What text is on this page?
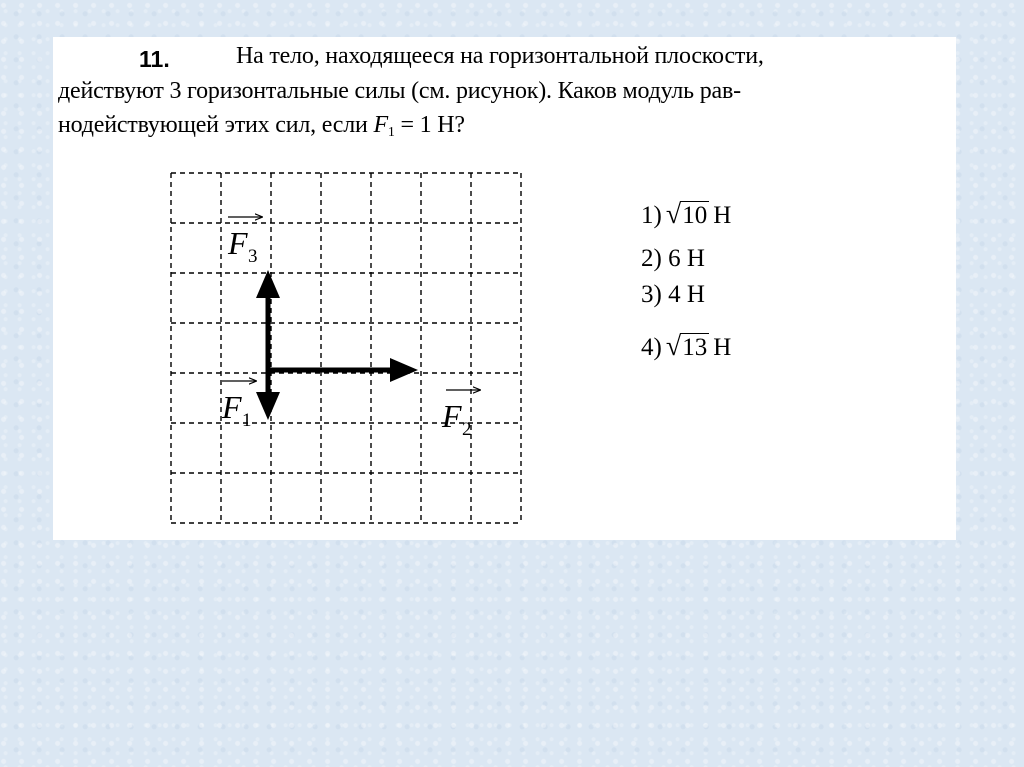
11.	На тело, находящееся на горизонтальной плоскости,
действуют 3 горизонтальные силы (см. рисунок). Каков модуль рав-
нодействующей этих сил, если $F_1 = 1$ Н?
F 3
F 1	F 2
1) √ 10 Н
2)
6 Н
3)
4 Н
4) √ 13 Н
